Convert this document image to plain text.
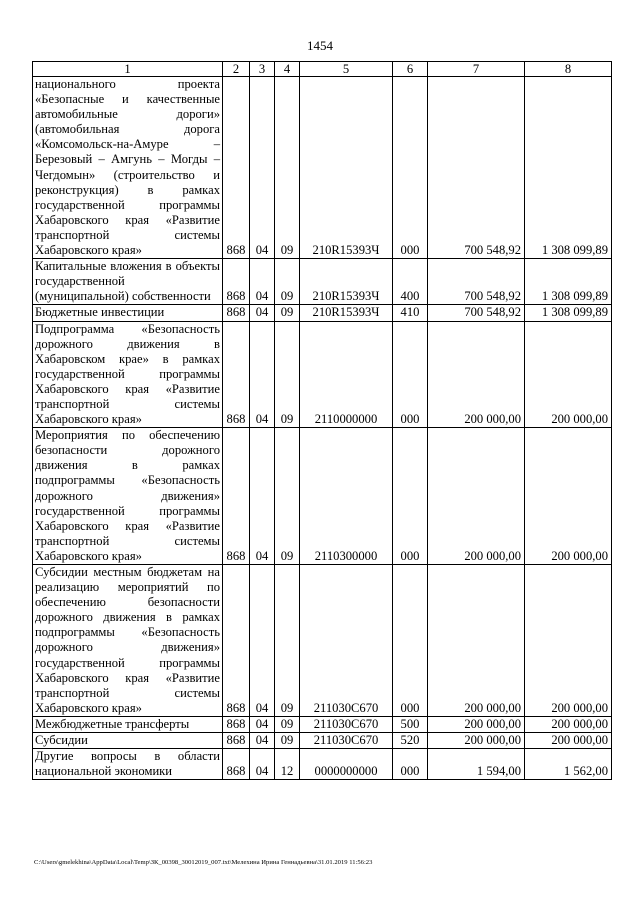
1454
1	2	3	4	5	6	7	8
национального проекта «Безопасные и качественные автомобильные дороги» (автомобильная дорога «Комсомольск-на-Амуре – Березовый – Амгунь – Могды – Чегдомын» (строительство и реконструкция) в рамках государственной программы Хабаровского края «Развитие транспортной системы Хабаровского края»	868	04	09	210R15393Ч	000	700 548,92	1 308 099,89
Капитальные вложения в объекты государственной (муниципальной) собственности	868	04	09	210R15393Ч	400	700 548,92	1 308 099,89
Бюджетные инвестиции	868	04	09	210R15393Ч	410	700 548,92	1 308 099,89
Подпрограмма «Безопасность дорожного движения в Хабаровском крае» в рамках государственной программы Хабаровского края «Развитие транспортной системы Хабаровского края»	868	04	09	2110000000	000	200 000,00	200 000,00
Мероприятия по обеспечению безопасности дорожного движения в рамках подпрограммы «Безопасность дорожного движения» государственной программы Хабаровского края «Развитие транспортной системы Хабаровского края»	868	04	09	2110300000	000	200 000,00	200 000,00
Субсидии местным бюджетам на реализацию мероприятий по обеспечению безопасности дорожного движения в рамках подпрограммы «Безопасность дорожного движения» государственной программы Хабаровского края «Развитие транспортной системы Хабаровского края»	868	04	09	211030С670	000	200 000,00	200 000,00
Межбюджетные трансферты	868	04	09	211030С670	500	200 000,00	200 000,00
Субсидии	868	04	09	211030С670	520	200 000,00	200 000,00
Другие вопросы в области национальной экономики	868	04	12	0000000000	000	1 594,00	1 562,00
C:\Users\gmelekhina\AppData\Local\Temp\ЗК_00398_30012019_007.txt\Мелехина Ирина Геннадьевна\31.01.2019 11:56:23
